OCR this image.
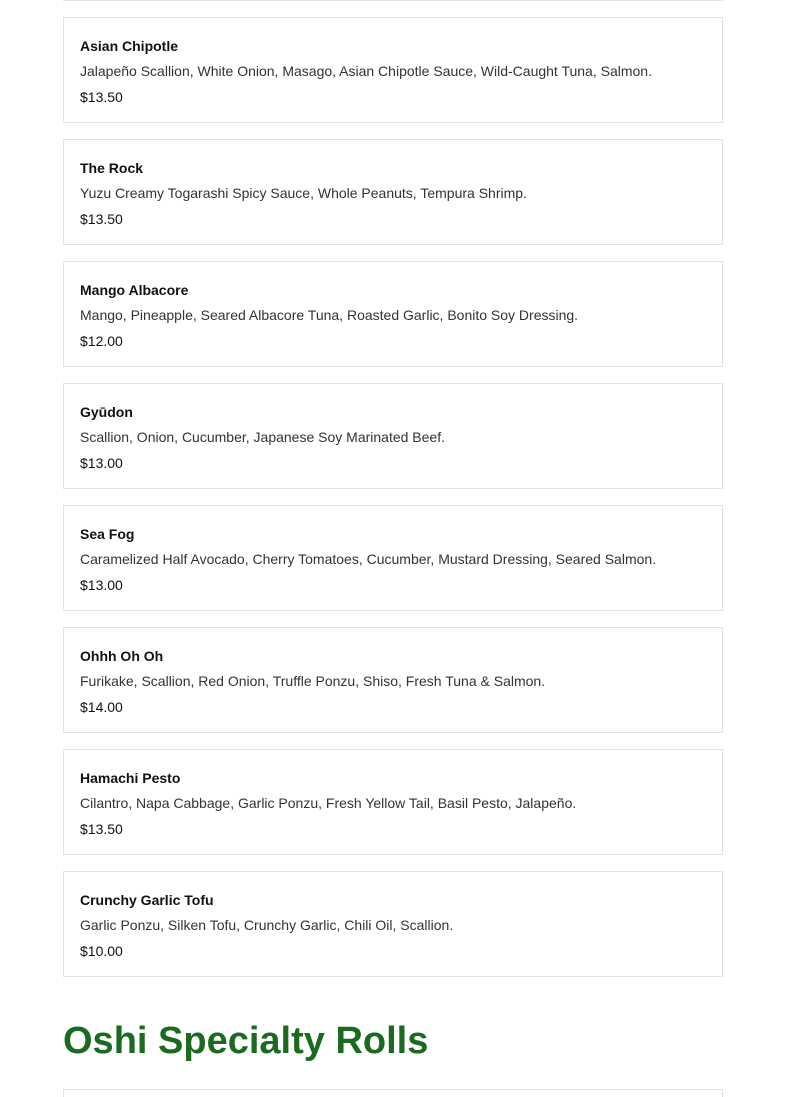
Asian Chipotle
Jalapeño Scallion, White Onion, Masago, Asian Chipotle Sauce, Wild-Caught Tuna, Salmon.
$13.50
The Rock
Yuzu Creamy Togarashi Spicy Sauce, Whole Peanuts, Tempura Shrimp.
$13.50
Mango Albacore
Mango, Pineapple, Seared Albacore Tuna, Roasted Garlic, Bonito Soy Dressing.
$12.00
Gyūdon
Scallion, Onion, Cucumber, Japanese Soy Marinated Beef.
$13.00
Sea Fog
Caramelized Half Avocado, Cherry Tomatoes, Cucumber, Mustard Dressing, Seared Salmon.
$13.00
Ohhh Oh Oh
Furikake, Scallion, Red Onion, Truffle Ponzu, Shiso, Fresh Tuna & Salmon.
$14.00
Hamachi Pesto
Cilantro, Napa Cabbage, Garlic Ponzu, Fresh Yellow Tail, Basil Pesto, Jalapeño.
$13.50
Crunchy Garlic Tofu
Garlic Ponzu, Silken Tofu, Crunchy Garlic, Chili Oil, Scallion.
$10.00
Oshi Specialty Rolls
